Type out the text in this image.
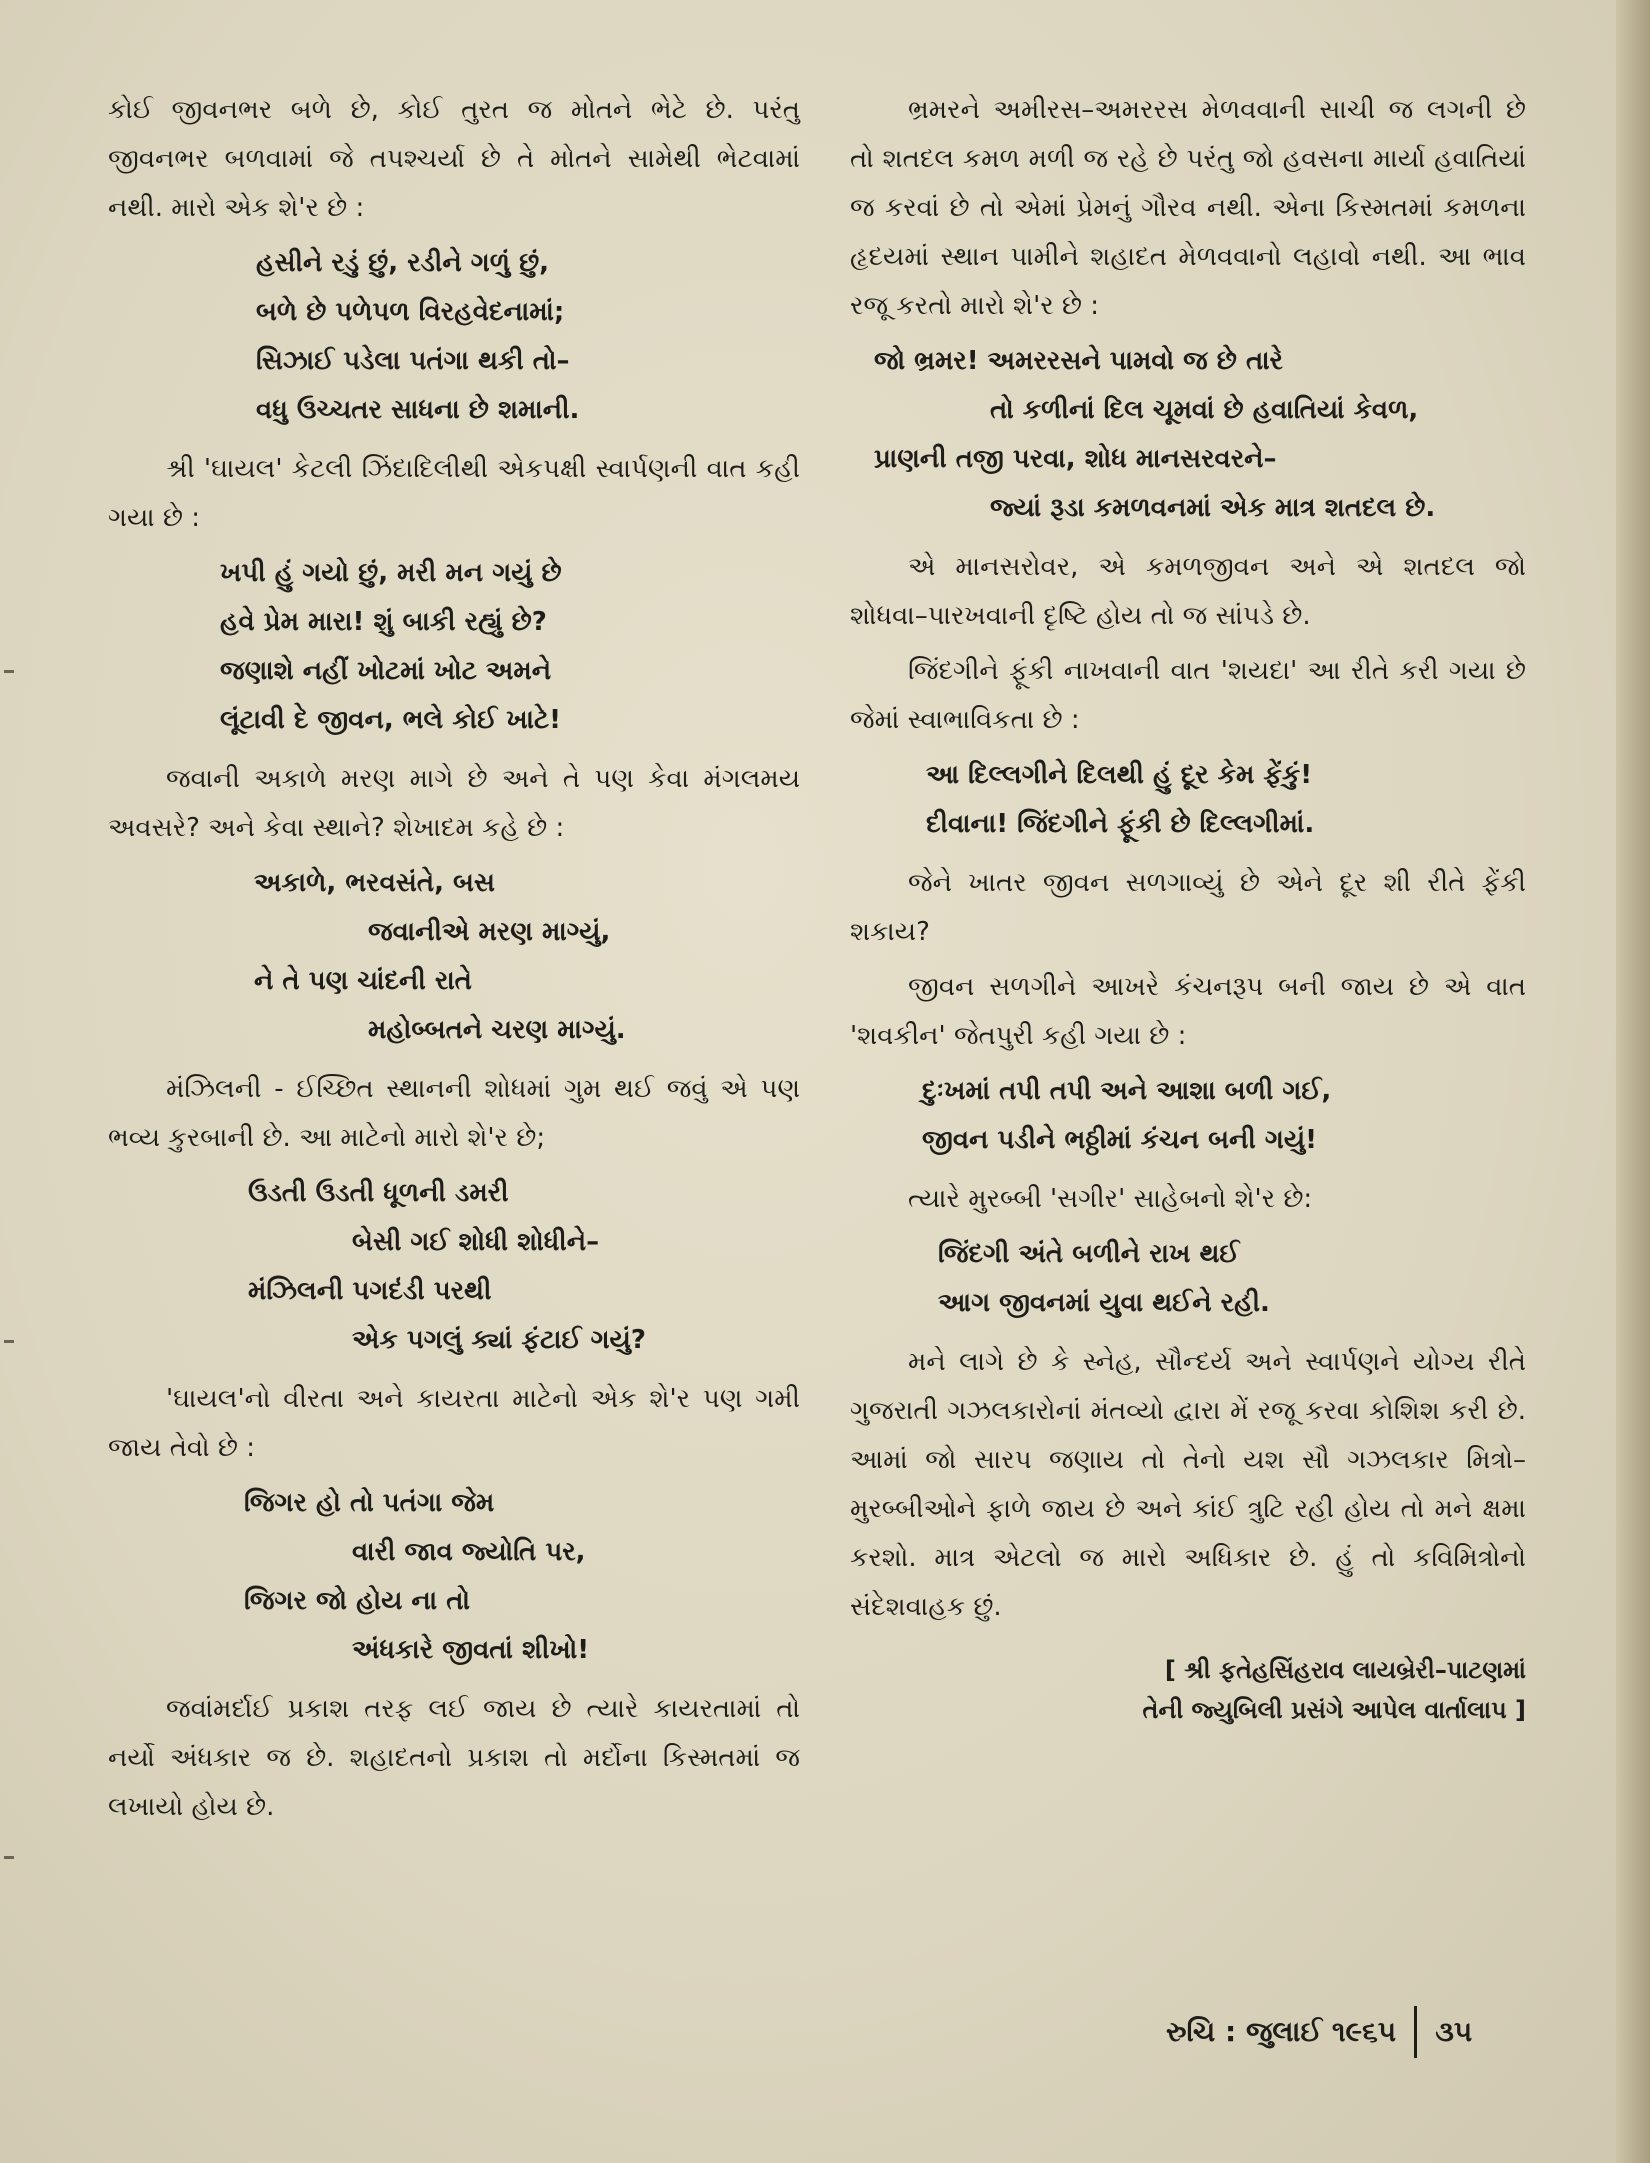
કોઈ જીવનભર બળે છે, કોઈ તુરત જ મોતને ભેટે છે. પરંતુ જીવનભર બળવામાં જે તપશ્ચર્યા છે તે મોતને સામેથી ભેટવામાં નથી. મારો એક શે'ર છે :

હસીને રડું છું, રડીને ગળું છું,
બળે છે પળેપળ વિરહવેદનામાં;
સિઝાઈ પડેલા પતંગા થકી તો–
વધુ ઉચ્ચતર સાધના છે શમાની.

શ્રી 'ઘાયલ' કેટલી ઝિંદાદિલીથી એકપક્ષી સ્વાર્પણની વાત કહી ગયા છે :

ખપી હું ગયો છું, મરી મન ગયું છે
હવે પ્રેમ મારા! શું બાકી રહ્યું છે?
જણાશે નહીં ખોટમાં ખોટ અમને
લૂંટાવી દે જીવન, ભલે કોઈ ખાટે!

જવાની અકાળે મરણ માગે છે અને તે પણ કેવા મંગલમય અવસરે? અને કેવા સ્થાને? શેખાદમ કહે છે :

અકાળે, ભરવસંતે, બસ
જવાનીએ મરણ માગ્યું,
ને તે પણ ચાંદની રાતે
મહોબ્બતને ચરણ માગ્યું.

મંઝિલની - ઈચ્છિત સ્થાનની શોધમાં ગુમ થઈ જવું એ પણ ભવ્ય કુરબાની છે. આ માટેનો મારો શે'ર છે;

ઉડતી ઉડતી ધૂળની ડમરી
બેસી ગઈ શોધી શોધીને–
મંઝિલની પગદંડી પરથી
એક પગલું ક્યાં ફંટાઈ ગયું?

'ઘાયલ'નો વીરતા અને કાયરતા માટેનો એક શે'ર પણ ગમી જાય તેવો છે :

જિગર હો તો પતંગા જેમ
વારી જાવ જ્યોતિ પર,
જિગર જો હોય ના તો
અંધકારે જીવતાં શીખો!

જવાંમર્દાઈ પ્રકાશ તરફ લઈ જાય છે ત્યારે કાયરતામાં તો નર્યો અંધકાર જ છે. શહાદતનો પ્રકાશ તો મર્દોના કિસ્મતમાં જ લખાયો હોય છે.

ભ્રમરને અમીરસ–અમરરસ મેળવવાની સાચી જ લગની છે તો શતદલ કમળ મળી જ રહે છે પરંતુ જો હવસના માર્યા હવાતિયાં જ કરવાં છે તો એમાં પ્રેમનું ગૌરવ નથી. એના કિસ્મતમાં કમળના હૃદયમાં સ્થાન પામીને શહાદત મેળવવાનો લહાવો નથી. આ ભાવ રજૂ કરતો મારો શે'ર છે :

જો ભ્રમર! અમરરસને પામવો જ છે તારે
તો કળીનાં દિલ ચૂમવાં છે હવાતિયાં કેવળ,
પ્રાણની તજી પરવા, શોધ માનસરવરને–
જ્યાં રૂડા કમળવનમાં એક માત્ર શતદલ છે.

એ માનસરોવર, એ કમળજીવન અને એ શતદલ જો શોધવા–પારખવાની દૃષ્ટિ હોય તો જ સાંપડે છે.

જિંદગીને ફૂંકી નાખવાની વાત 'શયદા' આ રીતે કરી ગયા છે જેમાં સ્વાભાવિકતા છે :

આ દિલ્લગીને દિલથી હું દૂર કેમ ફેંકું!
દીવાના! જિંદગીને ફૂંકી છે દિલ્લગીમાં.

જેને ખાતર જીવન સળગાવ્યું છે એને દૂર શી રીતે ફેંકી શકાય?

જીવન સળગીને આખરે કંચનરૂપ બની જાય છે એ વાત 'શવકીન' જેતપુરી કહી ગયા છે :

દુઃખમાં તપી તપી અને આશા બળી ગઈ,
જીવન પડીને ભઠ્ઠીમાં કંચન બની ગયું!

ત્યારે મુરબ્બી 'સગીર' સાહેબનો શે'ર છે:

જિંદગી અંતે બળીને રાખ થઈ
આગ જીવનમાં યુવા થઈને રહી.

મને લાગે છે કે સ્નેહ, સૌન્દર્ય અને સ્વાર્પણને યોગ્ય રીતે ગુજરાતી ગઝલકારોનાં મંતવ્યો દ્વારા મેં રજૂ કરવા કોશિશ કરી છે. આમાં જો સારપ જણાય તો તેનો યશ સૌ ગઝલકાર મિત્રો–મુરબ્બીઓને ફાળે જાય છે અને કાંઈ ત્રુટિ રહી હોય તો મને ક્ષમા કરશો. માત્ર એટલો જ મારો અધિકાર છે. હું તો કવિમિત્રોનો સંદેશવાહક છું.

[ શ્રી ફતેહસિંહરાવ લાયબ્રેરી–પાટણમાં
તેની જ્યુબિલી પ્રસંગે આપેલ વાર્તાલાપ ]
રુચિ : જુલાઈ ૧૯૬૫ ૩૫
